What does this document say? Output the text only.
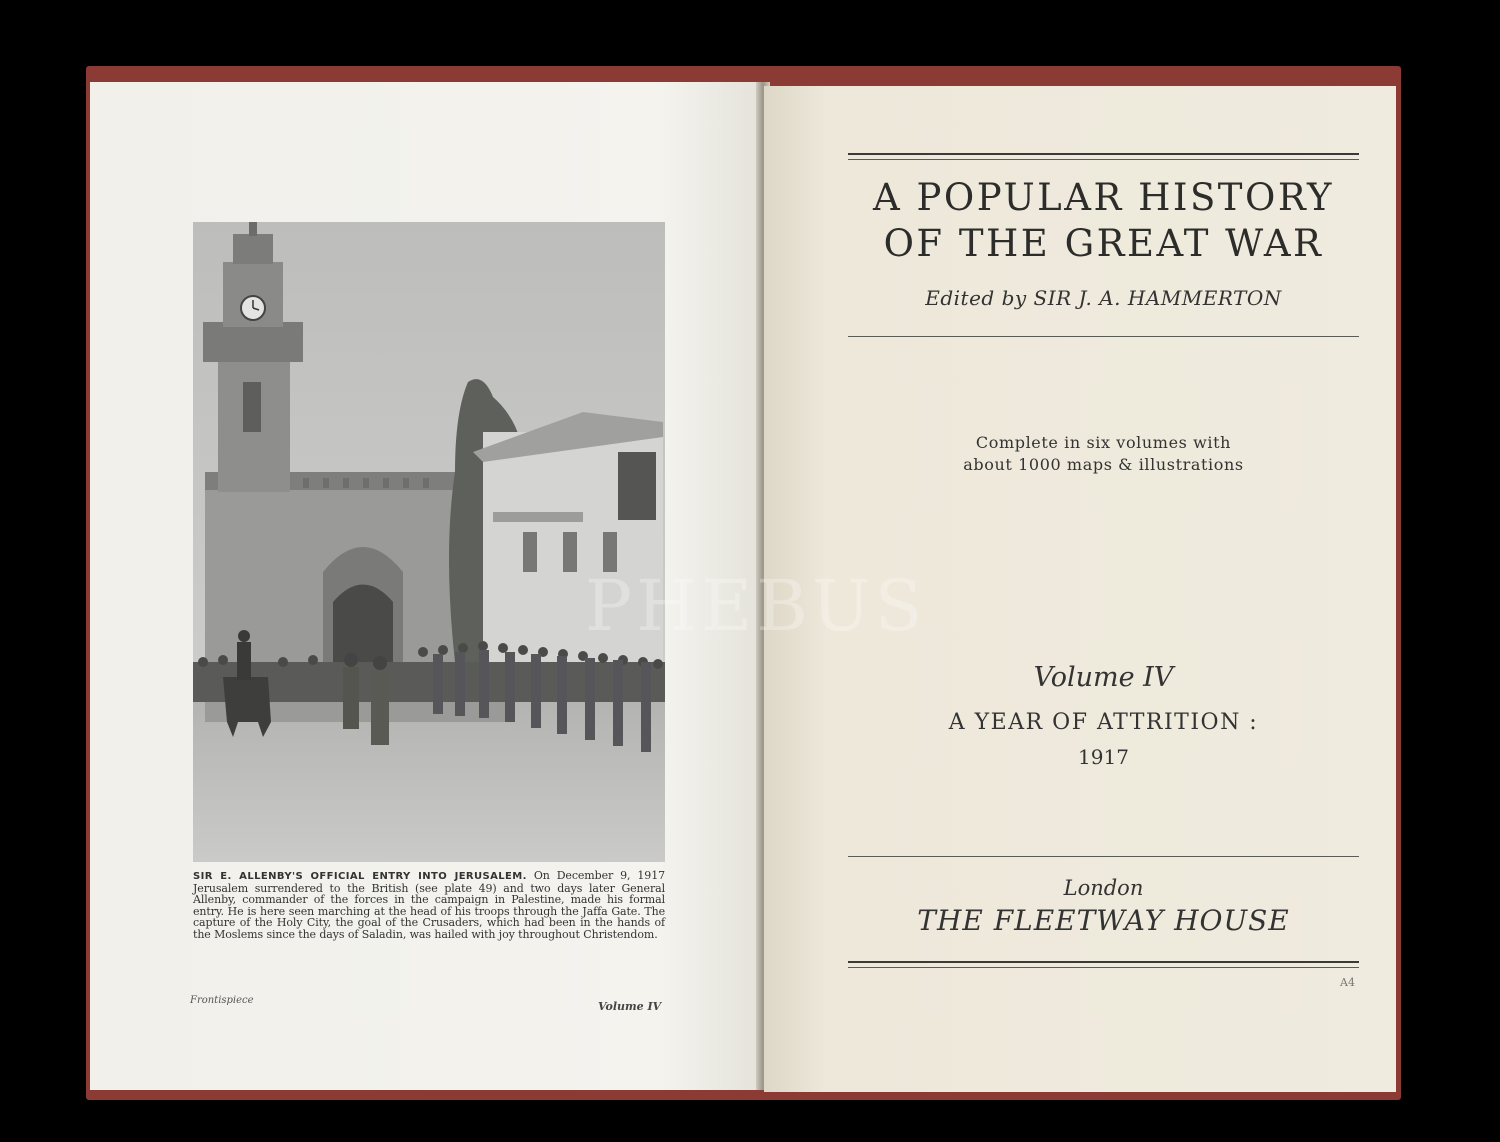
SIR E. ALLENBY'S OFFICIAL ENTRY INTO JERUSALEM. On December 9, 1917 Jerusalem surrendered to the British (see plate 49) and two days later General Allenby, commander of the forces in the campaign in Palestine, made his formal entry. He is here seen marching at the head of his troops through the Jaffa Gate. The capture of the Holy City, the goal of the Crusaders, which had been in the hands of the Moslems since the days of Saladin, was hailed with joy throughout Christendom.
Frontispiece	Volume IV
A POPULAR HISTORY
OF THE GREAT WAR
Edited by SIR J. A. HAMMERTON
Complete in six volumes with
about 1000 maps & illustrations
Volume IV
A YEAR OF ATTRITION :
1917
London
THE FLEETWAY HOUSE
A4
PHEBUS
